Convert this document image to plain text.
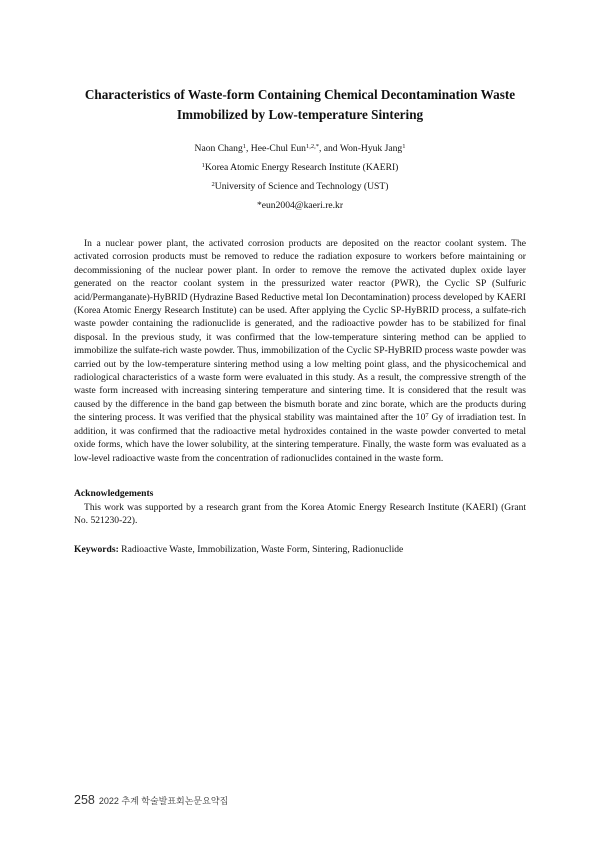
Characteristics of Waste-form Containing Chemical Decontamination Waste
Immobilized by Low-temperature Sintering
Naon Chang$^1$, Hee-Chul Eun$^{1,2,*}$, and Won-Hyuk Jang$^1$
$^1$Korea Atomic Energy Research Institute (KAERI)
$^2$University of Science and Technology (UST)
*eun2004@kaeri.re.kr
In a nuclear power plant, the activated corrosion products are deposited on the reactor coolant system. The activated corrosion products must be removed to reduce the radiation exposure to workers before maintaining or decommissioning of the nuclear power plant. In order to remove the remove the activated duplex oxide layer generated on the reactor coolant system in the pressurized water reactor (PWR), the Cyclic SP (Sulfuric acid/Permanganate)-HyBRID (Hydrazine Based Reductive metal Ion Decontamination) process developed by KAERI (Korea Atomic Energy Research Institute) can be used. After applying the Cyclic SP-HyBRID process, a sulfate-rich waste powder containing the radionuclide is generated, and the radioactive powder has to be stabilized for final disposal. In the previous study, it was confirmed that the low-temperature sintering method can be applied to immobilize the sulfate-rich waste powder. Thus, immobilization of the Cyclic SP-HyBRID process waste powder was carried out by the low-temperature sintering method using a low melting point glass, and the physicochemical and radiological characteristics of a waste form were evaluated in this study. As a result, the compressive strength of the waste form increased with increasing sintering temperature and sintering time. It is considered that the result was caused by the difference in the band gap between the bismuth borate and zinc borate, which are the products during the sintering process. It was verified that the physical stability was maintained after the $10^7$ Gy of irradiation test. In addition, it was confirmed that the radioactive metal hydroxides contained in the waste powder converted to metal oxide forms, which have the lower solubility, at the sintering temperature. Finally, the waste form was evaluated as a low-level radioactive waste from the concentration of radionuclides contained in the waste form.
Acknowledgements
This work was supported by a research grant from the Korea Atomic Energy Research Institute (KAERI) (Grant No. 521230-22).
Keywords: Radioactive Waste, Immobilization, Waste Form, Sintering, Radionuclide
258 2022 추계 학술발표회논문요약집
